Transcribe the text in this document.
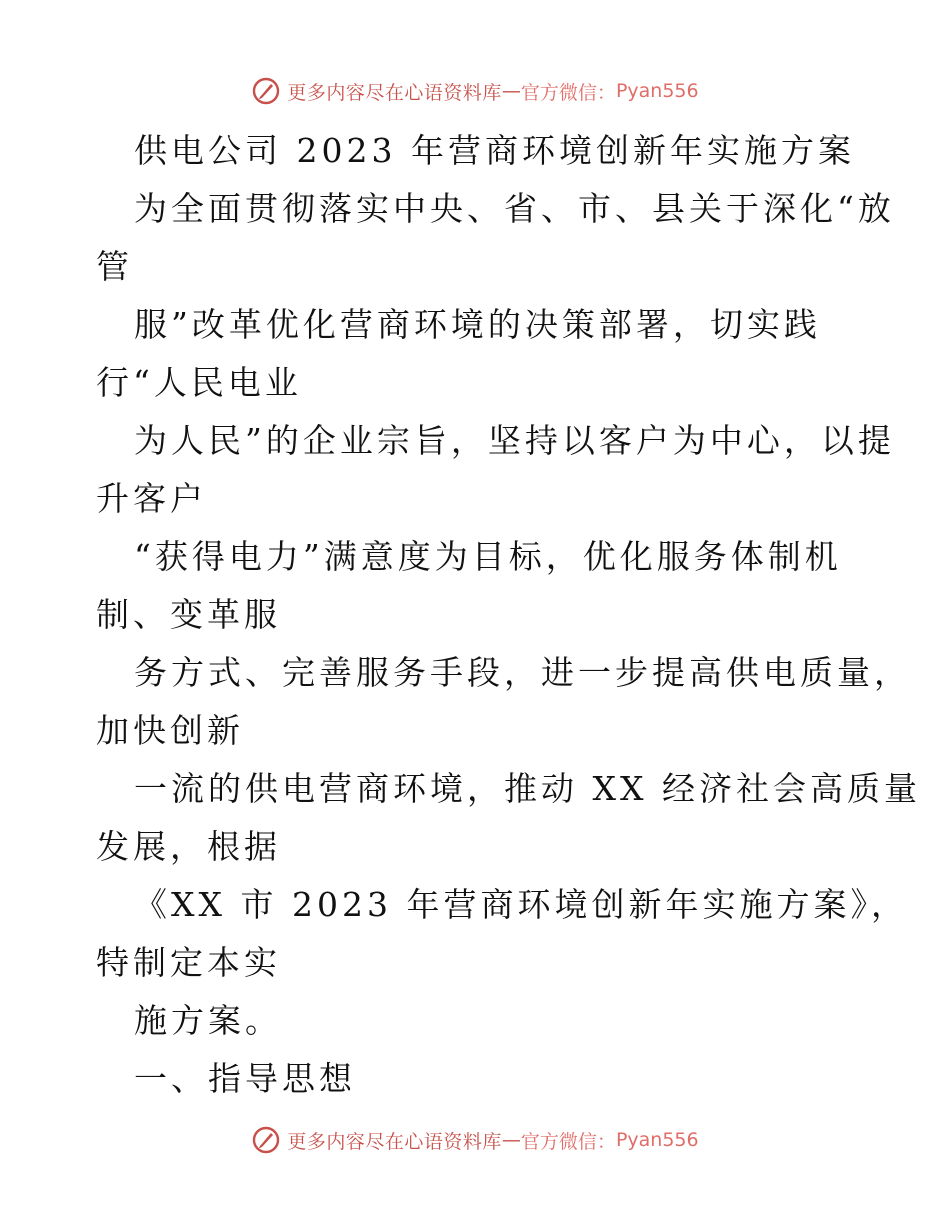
更多内容尽在心语资料库 — 官方微信： Pyan556
供电公司 2023 年营商环境创新年实施方案
为全面贯彻落实中央、省、市、县关于深化“放
管
服”改革优化营商环境的决策部署，切实践
行“人民电业
为人民”的企业宗旨，坚持以客户为中心，以提
升客户
“获得电力”满意度为目标，优化服务体制机
制、变革服
务方式、完善服务手段，进一步提高供电质量，
加快创新
一流的供电营商环境，推动 XX 经济社会高质量
发展，根据
《XX 市 2023 年营商环境创新年实施方案》，
特制定本实
施方案。
一、指导思想
更多内容尽在心语资料库 — 官方微信： Pyan556
